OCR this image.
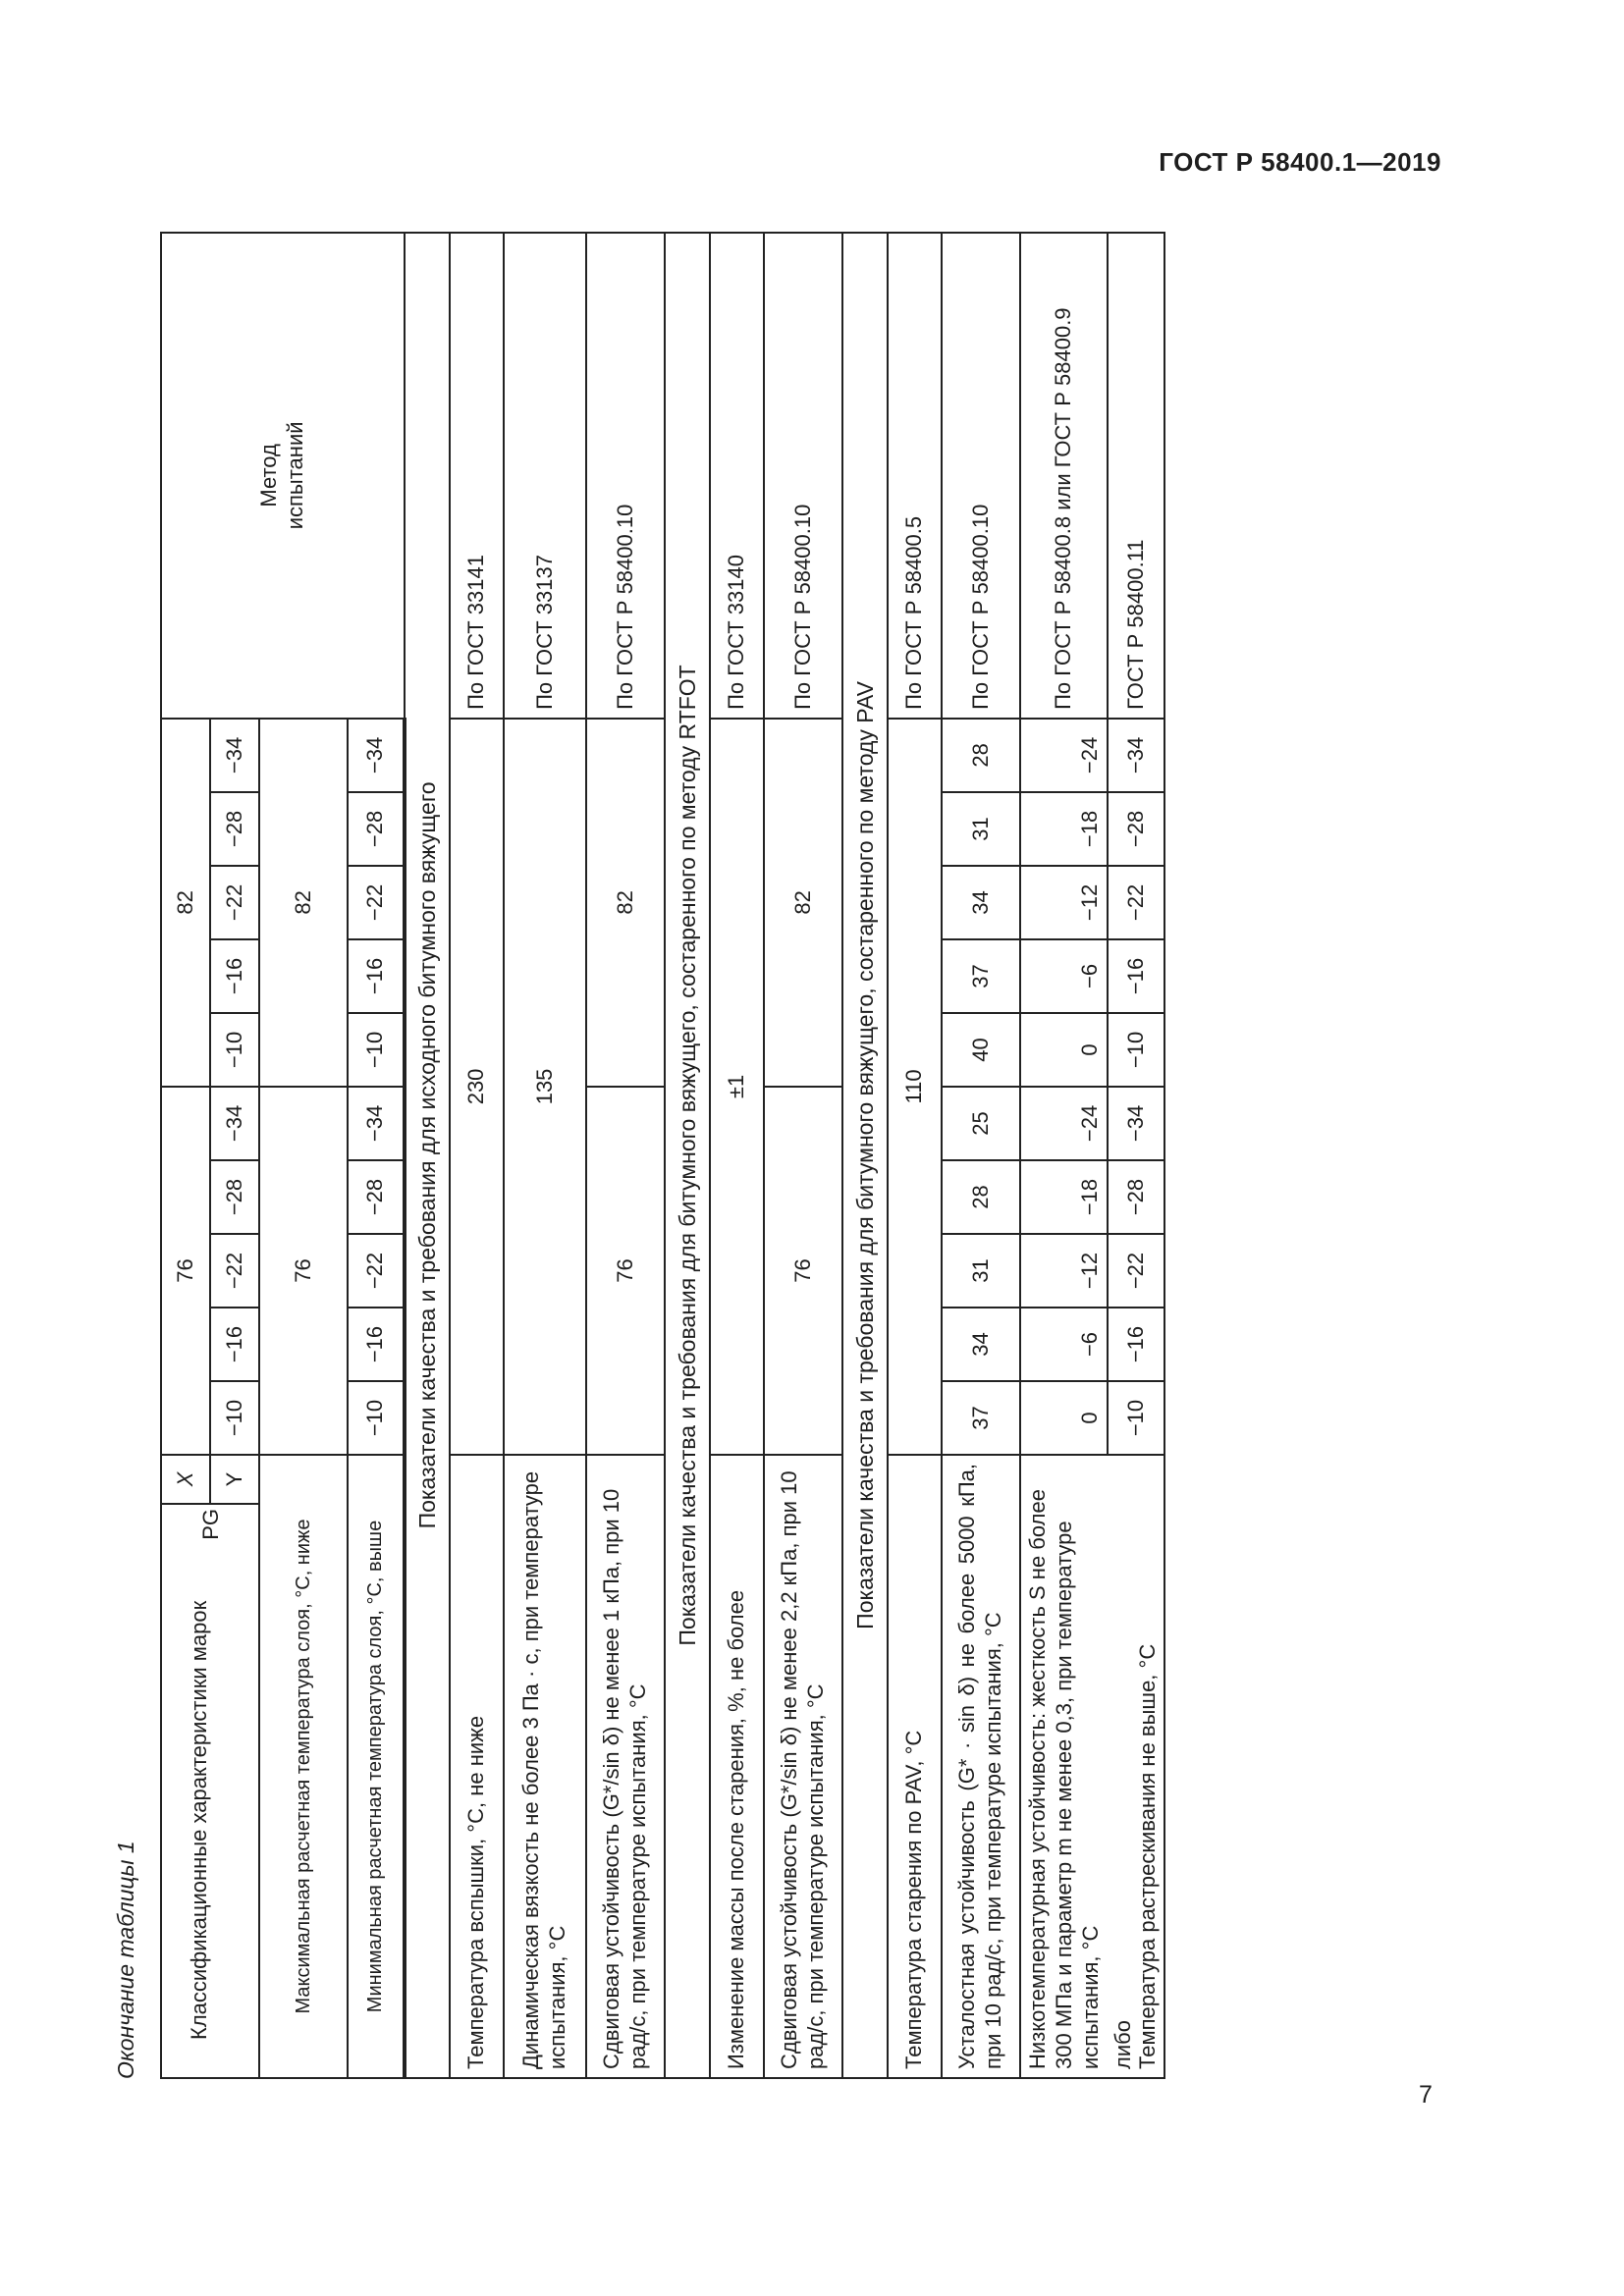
ГОСТ Р 58400.1—2019
Окончание таблицы 1 Классификационные характеристики марок
PG	X	76					82					Метод испытаний

	Y	−10	−16	−22	−28	−34	−10	−16	−22	−28	−34	
Максимальная расчетная температура слоя, °С, ниже		76					82					
Минимальная расчетная температура слоя, °С, выше		−10	−16	−22	−28	−34	−10	−16	−22	−28	−34	
Показатели качества и требования для исходного битумного вяжущего												
Температура вспышки, °С, не ниже		230										По ГОСТ 33141
Динамическая вязкость не более 3 Па · с, при температуре испытания, °С		135										По ГОСТ 33137
Сдвиговая устойчивость (G*/sin δ) не менее 1 кПа, при 10 рад/с, при температуре испытания, °С		76					82					По ГОСТ Р 58400.10
Показатели качества и требования для битумного вяжущего, состаренного по методу RTFOT												
Изменение массы после старения, %, не более		±1										По ГОСТ 33140
Сдвиговая устойчивость (G*/sin δ) не менее 2,2 кПа, при 10 рад/с, при температуре испытания, °С		76					82					По ГОСТ Р 58400.10
Показатели качества и требования для битумного вяжущего, состаренного по методу PAV												
Температура старения по PAV, °С		110										По ГОСТ Р 58400.5
Усталостная устойчивость (G* · sin δ) не более 5000 кПа, при 10 рад/с, при температуре испытания, °С		37	34	31	28	25	40	37	34	31	28	По ГОСТ Р 58400.10
Низкотемпературная устойчивость: жесткость S не более 300 МПа и параметр m не менее 0,3, при температуре испытания, °С		0	−6	−12	−18	−24	0	−6	−12	−18	−24	По ГОСТ Р 58400.8 или ГОСТ Р 58400.9

либо Температура растрескивания не выше, °С		−10	−16	−22	−28	−34	−10	−16	−22	−28	−34	ГОСТ Р 58400.11
7
